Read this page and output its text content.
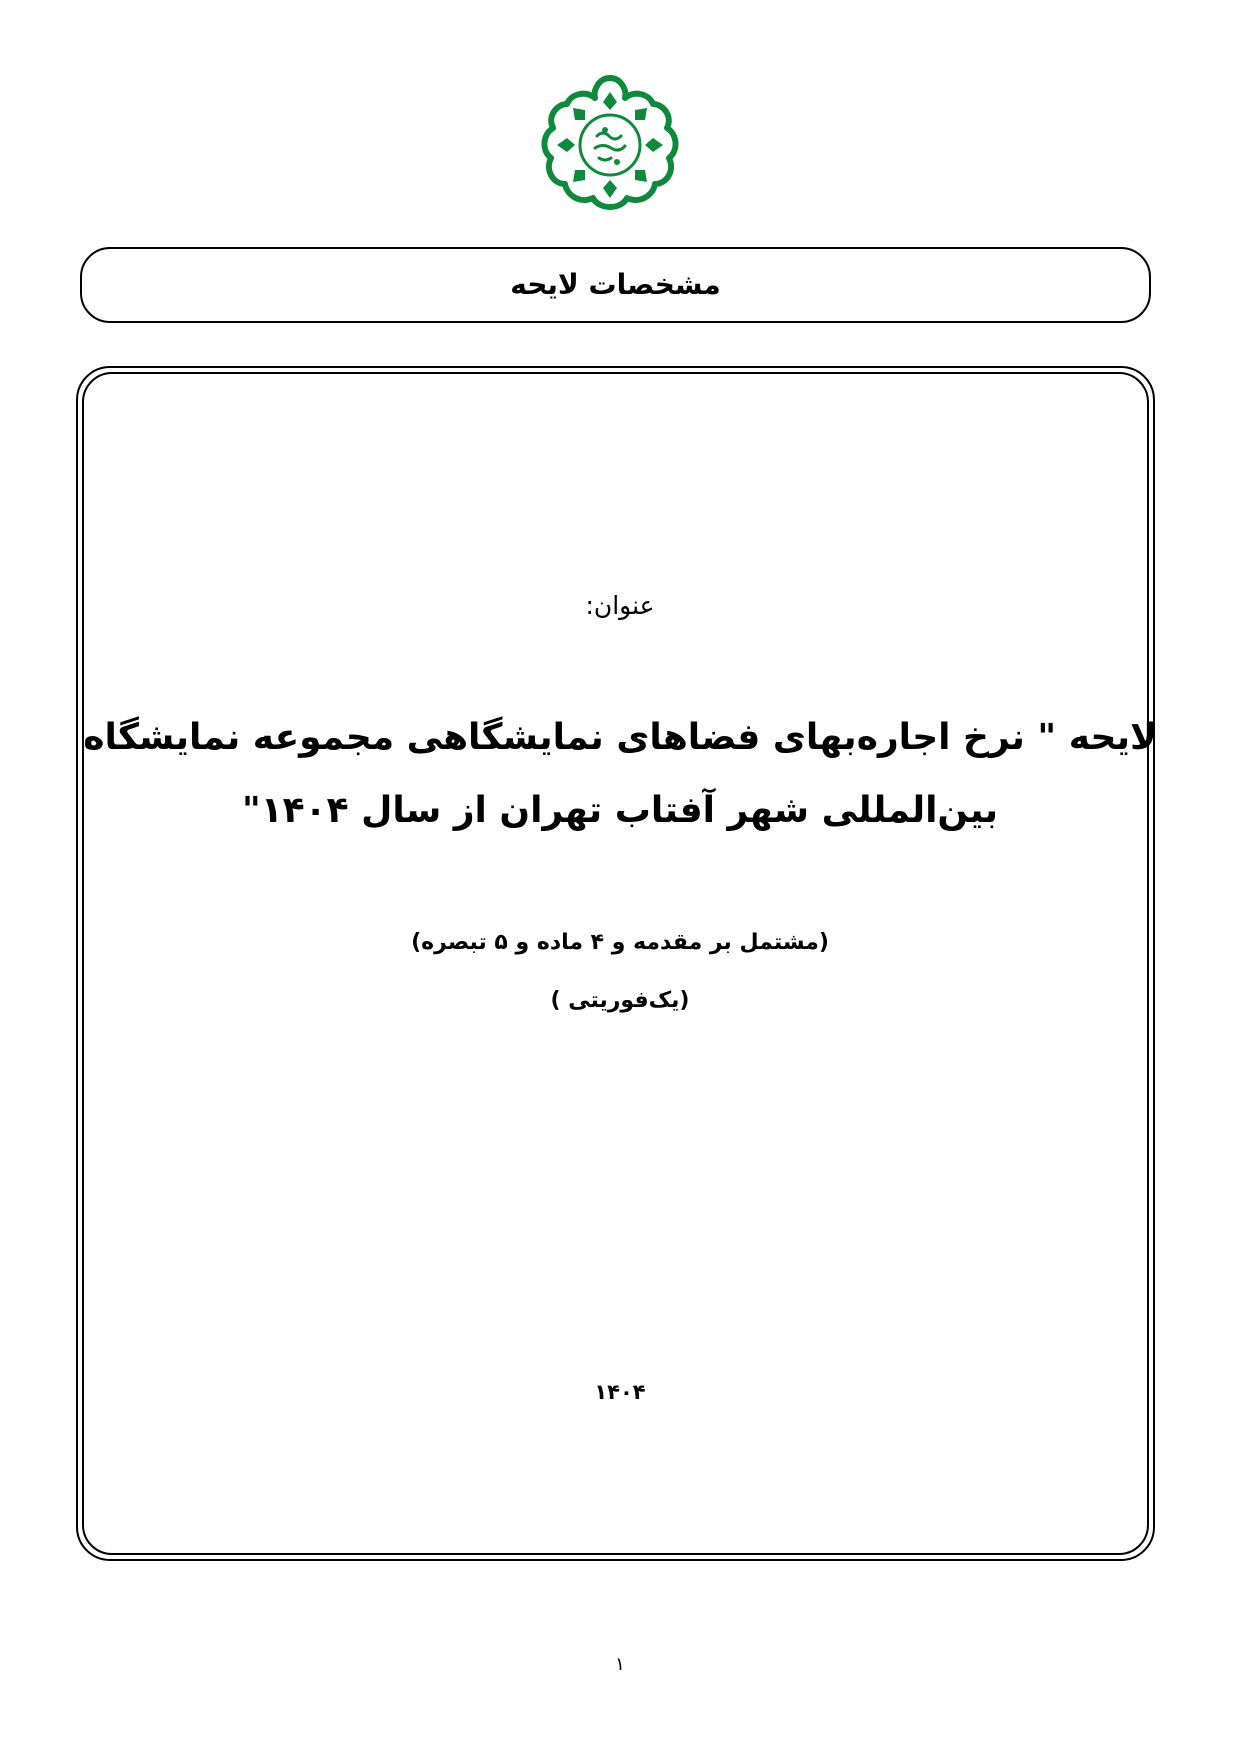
مشخصات لایحه
عنوان:
لایحه " نرخ اجاره‌بهای فضاهای نمایشگاهی مجموعه نمایشگاه
بین‌المللی شهر آفتاب تهران از سال ۱۴۰۴"
(مشتمل بر مقدمه و ۴ ماده و ۵ تبصره)
(یک‌فوریتی )
۱۴۰۴
۱
